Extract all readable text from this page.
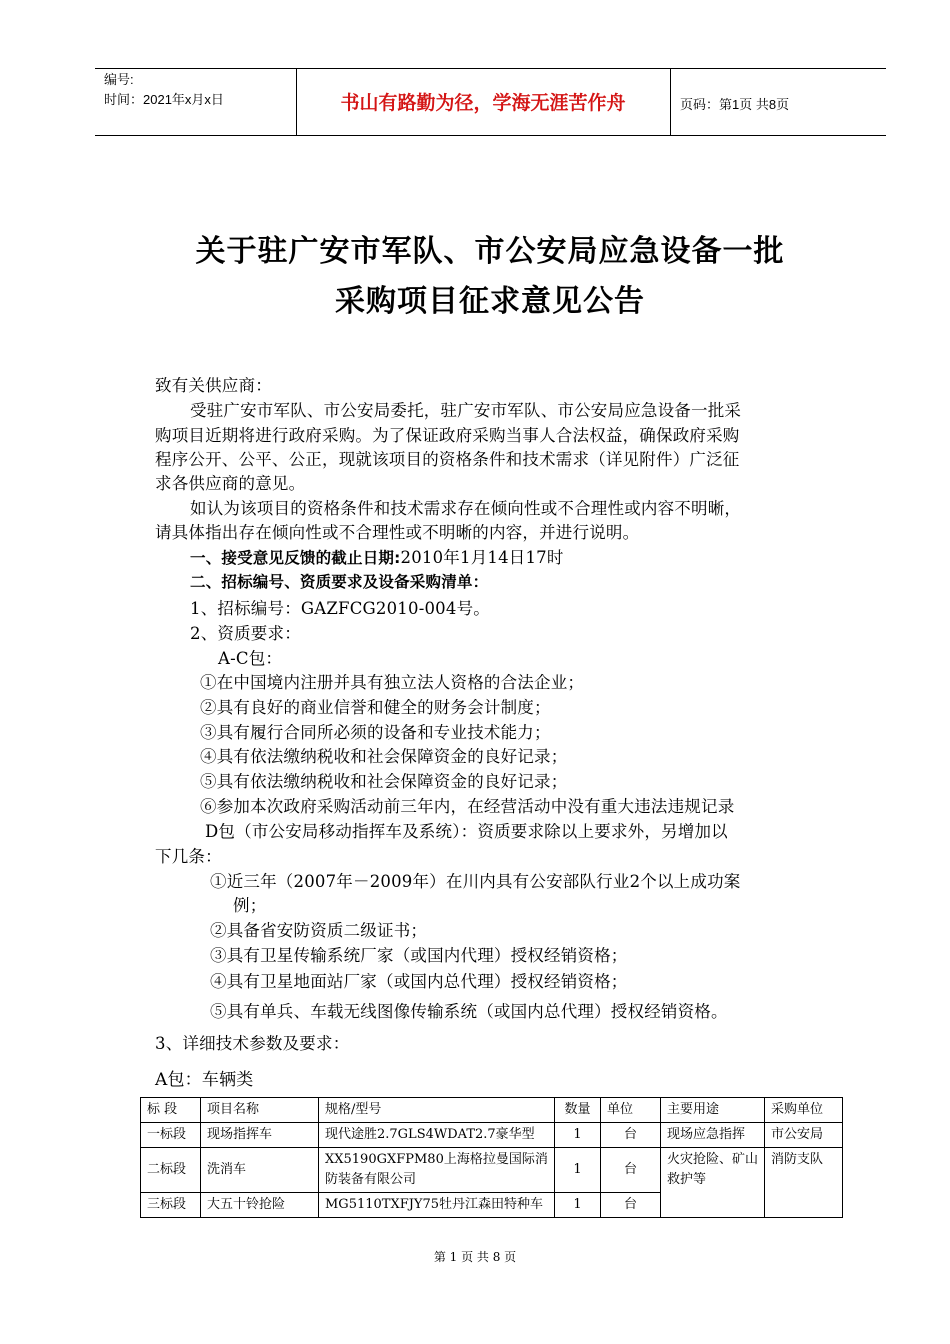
编号:
时间：2021年x月x日	书山有路勤为径，学海无涯苦作舟	页码：第1页 共8页
关于驻广安市军队、市公安局应急设备一批
采购项目征求意见公告
致有关供应商：
受驻广安市军队、市公安局委托，驻广安市军队、市公安局应急设备一批采
购项目近期将进行政府采购。为了保证政府采购当事人合法权益，确保政府采购
程序公开、公平、公正，现就该项目的资格条件和技术需求（详见附件）广泛征
求各供应商的意见。
如认为该项目的资格条件和技术需求存在倾向性或不合理性或内容不明晰，
请具体指出存在倾向性或不合理性或不明晰的内容，并进行说明。
一、接受意见反馈的截止日期:2010年1月14日17时
二、招标编号、资质要求及设备采购清单：
1、招标编号：GAZFCG2010-004号。
2、资质要求：
A-C包：
①在中国境内注册并具有独立法人资格的合法企业；
②具有良好的商业信誉和健全的财务会计制度；
③具有履行合同所必须的设备和专业技术能力；
④具有依法缴纳税收和社会保障资金的良好记录；
⑤具有依法缴纳税收和社会保障资金的良好记录；
⑥参加本次政府采购活动前三年内，在经营活动中没有重大违法违规记录
D包（市公安局移动指挥车及系统）：资质要求除以上要求外，另增加以
下几条：
①近三年（2007年－2009年）在川内具有公安部队行业2个以上成功案
例；
②具备省安防资质二级证书；
③具有卫星传输系统厂家（或国内代理）授权经销资格；
④具有卫星地面站厂家（或国内总代理）授权经销资格；
⑤具有单兵、车载无线图像传输系统（或国内总代理）授权经销资格。
3、详细技术参数及要求：
A包：车辆类
标 段	项目名称	规格/型号	数量	单位	主要用途	采购单位
一标段	现场指挥车	现代途胜2.7GLS4WDAT2.7豪华型	1	台	现场应急指挥	市公安局
二标段	洗消车	XX5190GXFPM80上海格拉曼国际消防装备有限公司	1	台	火灾抢险、矿山救护等	消防支队
三标段	大五十铃抢险	MG5110TXFJY75牡丹江森田特种车	1	台		
第 1 页 共 8 页
